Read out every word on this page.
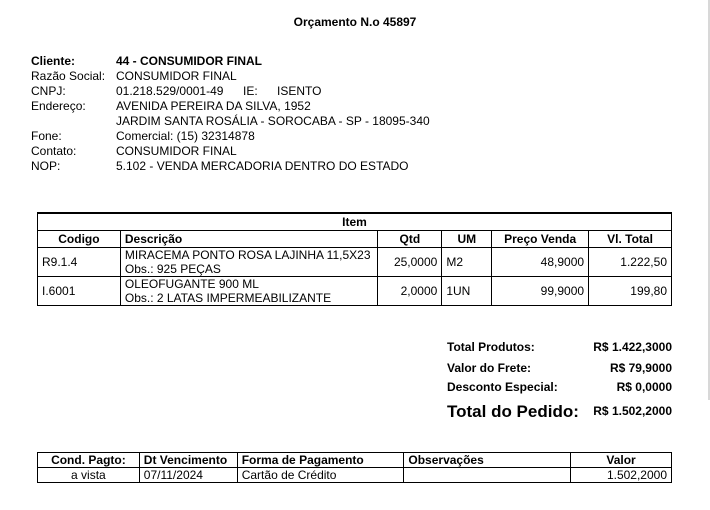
Orçamento N.o 45897
Cliente:	44 - CONSUMIDOR FINAL
Razão Social: CONSUMIDOR FINAL
CNPJ:	01.218.529/0001-49 IE: ISENTO
Endereço:	AVENIDA PEREIRA DA SILVA, 1952
JARDIM SANTA ROSÁLIA - SOROCABA - SP - 18095-340
Fone:	Comercial: (15) 32314878
Contato:	CONSUMIDOR FINAL
NOP:	5.102 - VENDA MERCADORIA DENTRO DO ESTADO
Item					
Codigo	Descrição	Qtd	UM	Preço Venda	Vl. Total
R9.1.4	MIRACEMA PONTO ROSA LAJINHA 11,5X23
Obs.: 925 PEÇAS	25,0000	M2	48,9000	1.222,50
I.6001	OLEOFUGANTE 900 ML
Obs.: 2 LATAS IMPERMEABILIZANTE	2,0000	1UN	99,9000	199,80
Total Produtos:	R$ 1.422,3000
Valor do Frete:	R$ 79,9000
Desconto Especial:	R$ 0,0000
Total do Pedido: R$ 1.502,2000
Cond. Pagto:	Dt Vencimento	Forma de Pagamento	Observações	Valor
a vista	07/11/2024	Cartão de Crédito		1.502,2000
